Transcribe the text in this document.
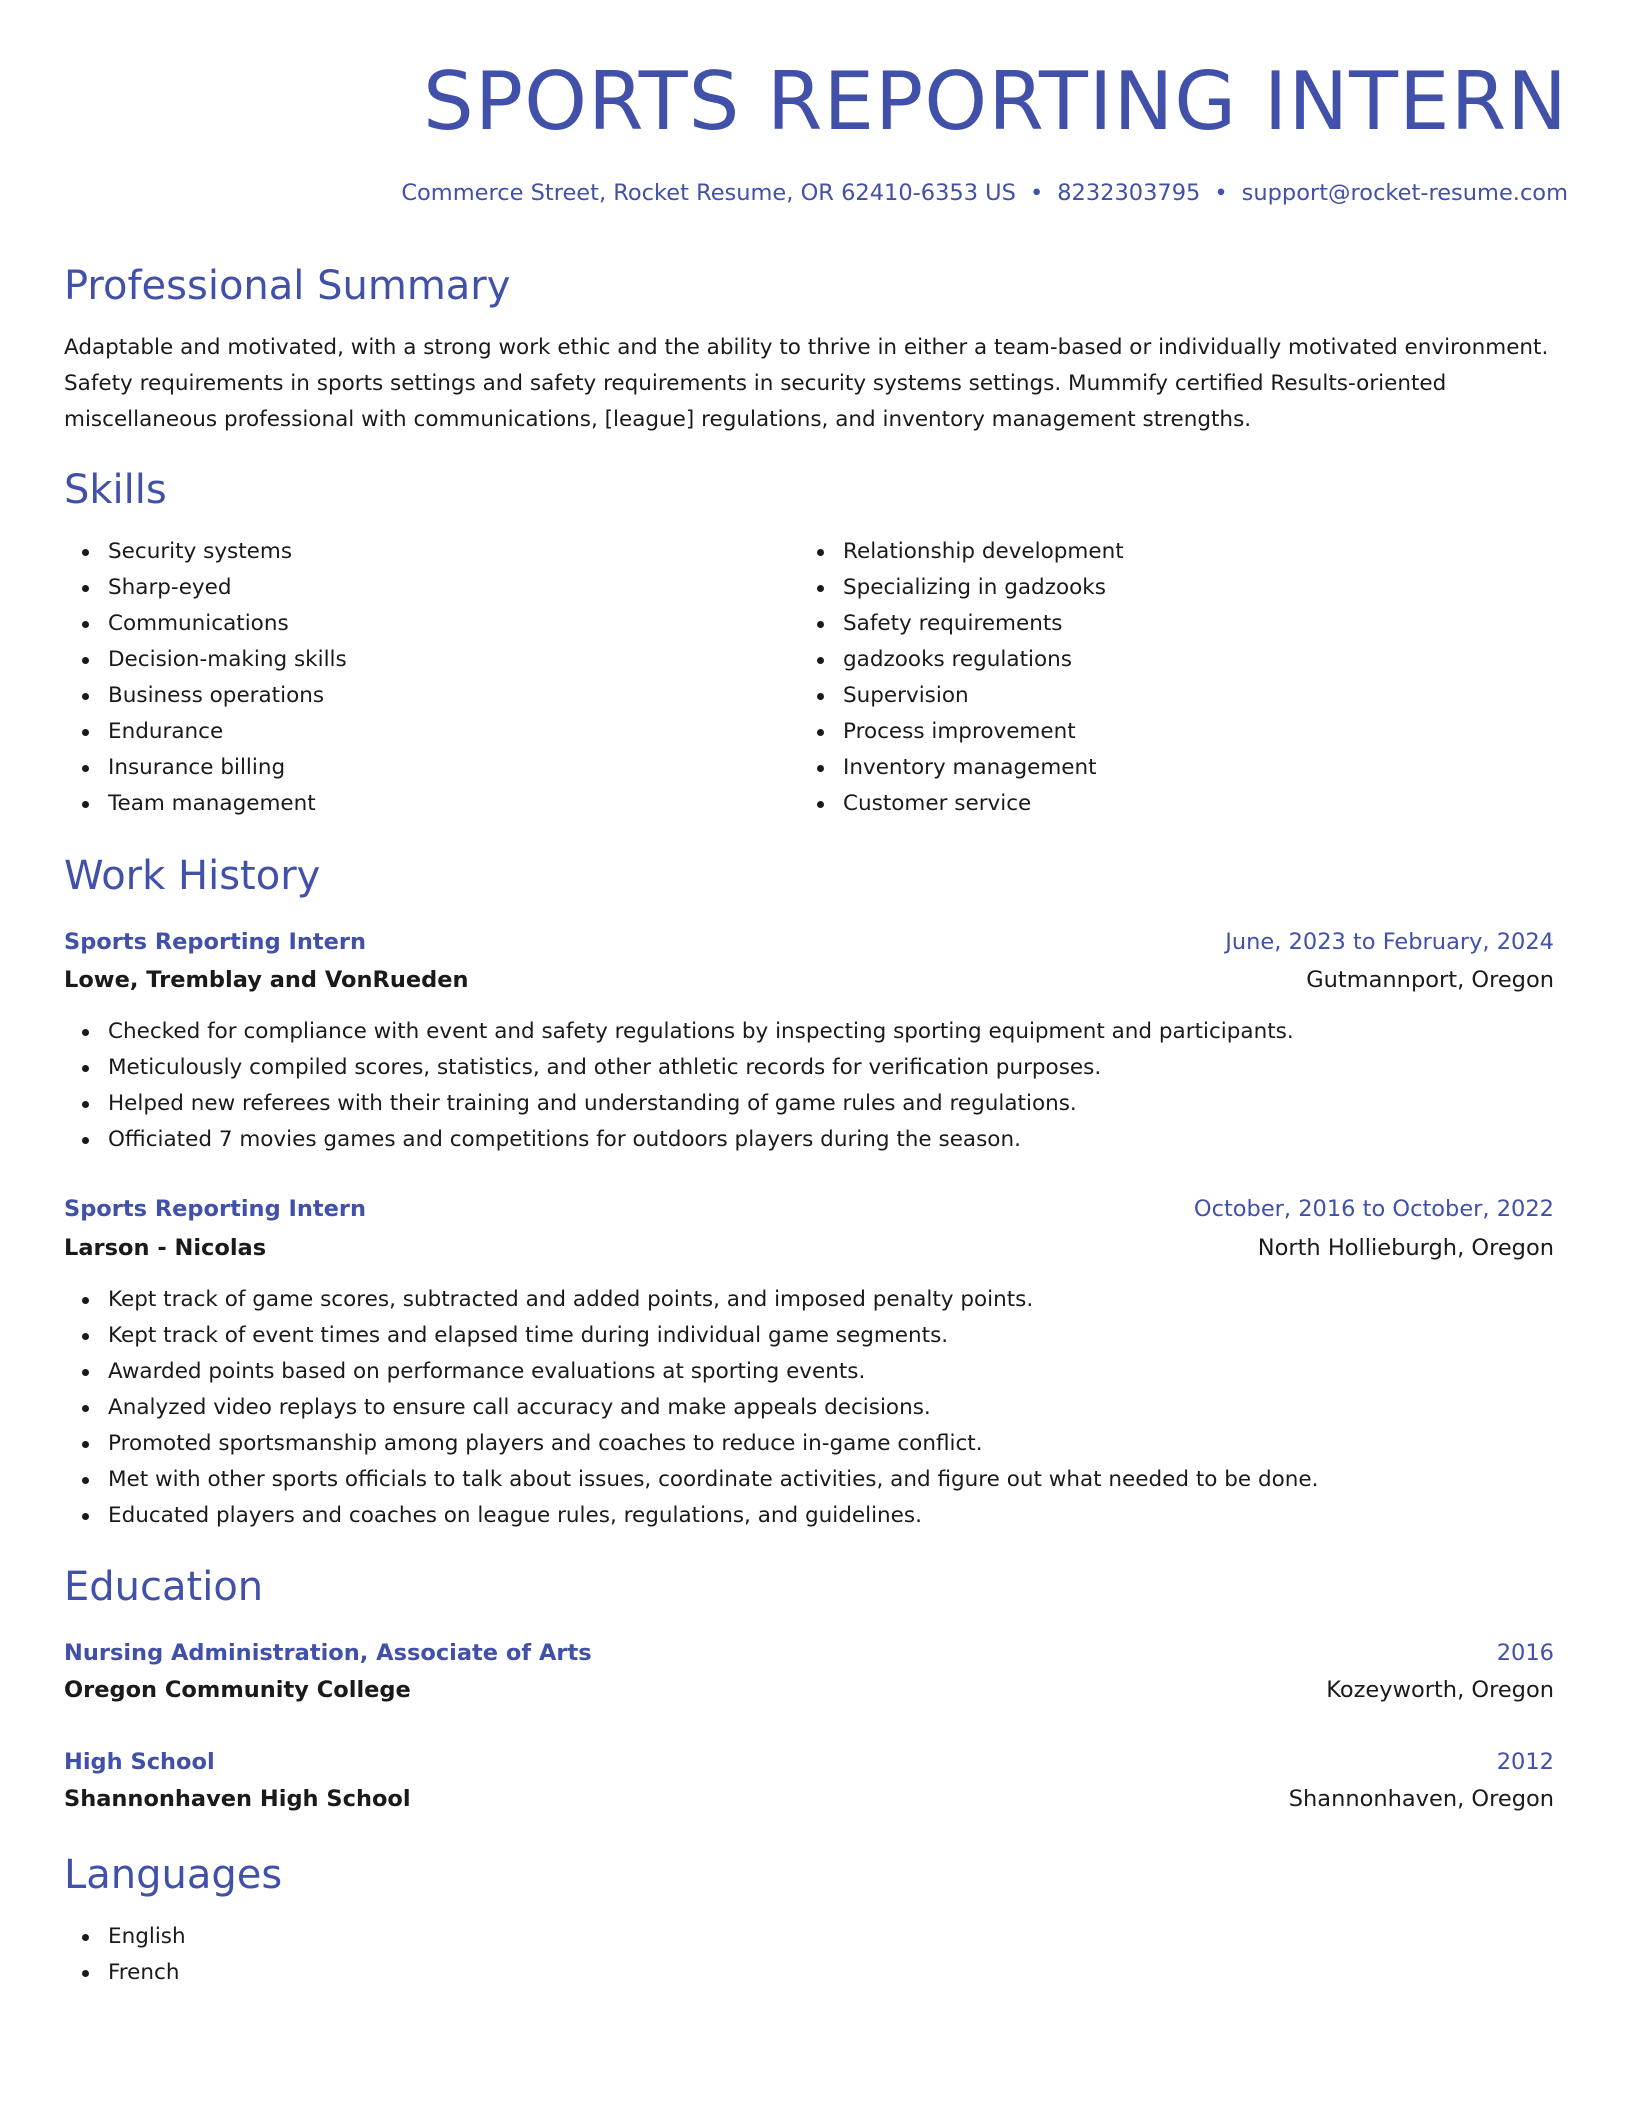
SPORTS REPORTING INTERN
Commerce Street, Rocket Resume, OR 62410-6353 US • 8232303795 • support@rocket-resume.com
Professional Summary
Adaptable and motivated, with a strong work ethic and the ability to thrive in either a team-based or individually motivated environment.
Safety requirements in sports settings and safety requirements in security systems settings. Mummify certified Results-oriented
miscellaneous professional with communications, [league] regulations, and inventory management strengths.
Skills
Security systems
Sharp-eyed
Communications
Decision-making skills
Business operations
Endurance
Insurance billing
Team management
Relationship development
Specializing in gadzooks
Safety requirements
gadzooks regulations
Supervision
Process improvement
Inventory management
Customer service
Work History
Sports Reporting Intern	June, 2023 to February, 2024
Lowe, Tremblay and VonRueden	Gutmannport, Oregon
Checked for compliance with event and safety regulations by inspecting sporting equipment and participants.
Meticulously compiled scores, statistics, and other athletic records for verification purposes.
Helped new referees with their training and understanding of game rules and regulations.
Officiated 7 movies games and competitions for outdoors players during the season.
Sports Reporting Intern	October, 2016 to October, 2022
Larson - Nicolas	North Hollieburgh, Oregon
Kept track of game scores, subtracted and added points, and imposed penalty points.
Kept track of event times and elapsed time during individual game segments.
Awarded points based on performance evaluations at sporting events.
Analyzed video replays to ensure call accuracy and make appeals decisions.
Promoted sportsmanship among players and coaches to reduce in-game conflict.
Met with other sports officials to talk about issues, coordinate activities, and figure out what needed to be done.
Educated players and coaches on league rules, regulations, and guidelines.
Education
Nursing Administration, Associate of Arts	2016
Oregon Community College	Kozeyworth, Oregon
High School	2012
Shannonhaven High School	Shannonhaven, Oregon
Languages
English
French
